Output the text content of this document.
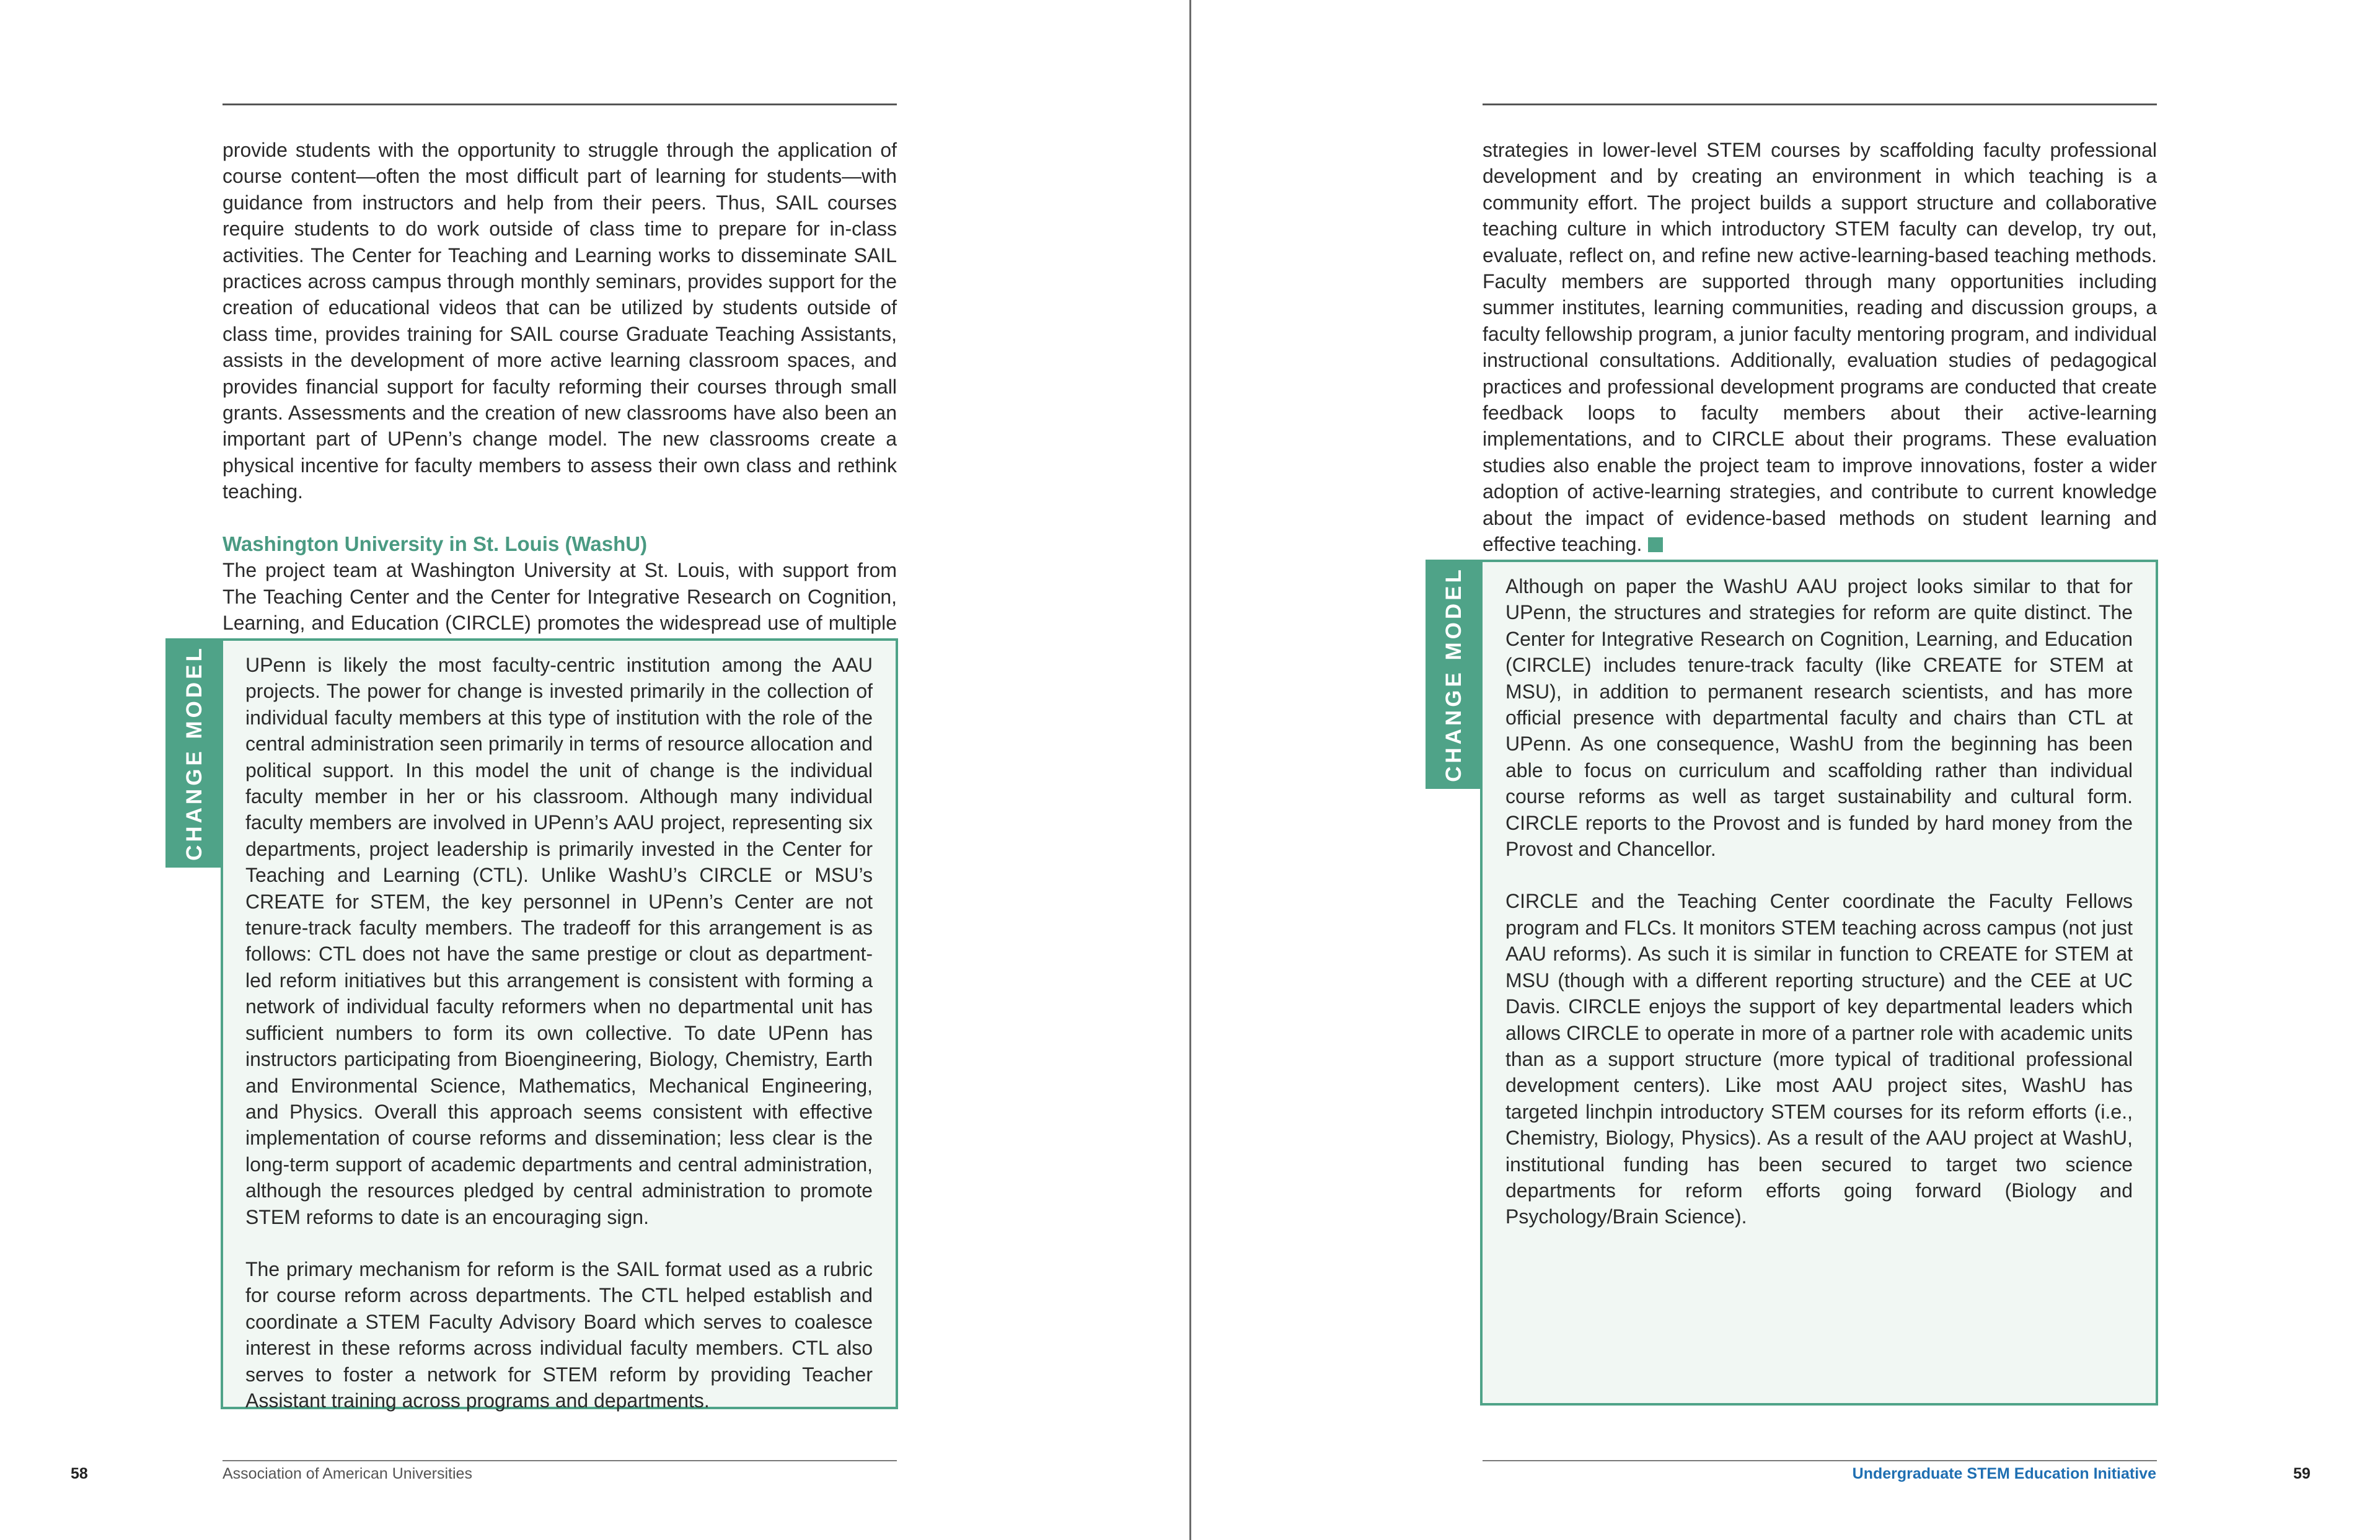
provide students with the opportunity to struggle through the application of course content—often the most difficult part of learning for students—with guidance from instructors and help from their peers. Thus, SAIL courses require students to do work outside of class time to prepare for in-class activities. The Center for Teaching and Learning works to disseminate SAIL practices across campus through monthly seminars, provides support for the creation of educational videos that can be utilized by students outside of class time, provides training for SAIL course Graduate Teaching Assistants, assists in the development of more active learning classroom spaces, and provides financial support for faculty reforming their courses through small grants. Assessments and the creation of new classrooms have also been an important part of UPenn’s change model. The new classrooms create a physical incentive for faculty members to assess their own class and rethink teaching.

Washington University in St. Louis (WashU)

The project team at Washington University at St. Louis, with support from The Teaching Center and the Center for Integrative Research on Cognition, Learning, and Education (CIRCLE) promotes the widespread use of multiple

CHANGE MODEL UPenn is likely the most faculty-centric institution among the AAU projects. The power for change is invested primarily in the collection of individual faculty members at this type of institution with the role of the central administration seen primarily in terms of resource allocation and political support. In this model the unit of change is the individual faculty member in her or his classroom. Although many individual faculty members are involved in UPenn’s AAU project, representing six departments, project leadership is primarily invested in the Center for Teaching and Learning (CTL). Unlike WashU’s CIRCLE or MSU’s CREATE for STEM, the key personnel in UPenn’s Center are not tenure-track faculty members. The tradeoff for this arrangement is as follows: CTL does not have the same prestige or clout as department-led reform initiatives but this arrangement is consistent with forming a network of individual faculty reformers when no departmental unit has sufficient numbers to form its own collective. To date UPenn has instructors participating from Bioengineering, Biology, Chemistry, Earth and Environmental Science, Mathematics, Mechanical Engineering, and Physics. Overall this approach seems consistent with effective implementation of course reforms and dissemination; less clear is the long-term support of academic departments and central administration, although the resources pledged by central administration to promote STEM reforms to date is an encouraging sign.

The primary mechanism for reform is the SAIL format used as a rubric for course reform across departments. The CTL helped establish and coordinate a STEM Faculty Advisory Board which serves to coalesce interest in these reforms across individual faculty members. CTL also serves to foster a network for STEM reform by providing Teacher Assistant training across programs and departments.

58	Association of American Universities

strategies in lower-level STEM courses by scaffolding faculty professional development and by creating an environment in which teaching is a community effort. The project builds a support structure and collaborative teaching culture in which introductory STEM faculty can develop, try out, evaluate, reflect on, and refine new active-learning-based teaching methods. Faculty members are supported through many opportunities including summer institutes, learning communities, reading and discussion groups, a faculty fellowship program, a junior faculty mentoring program, and individual instructional consultations. Additionally, evaluation studies of pedagogical practices and professional development programs are conducted that create feedback loops to faculty members about their active-learning implementations, and to CIRCLE about their programs. These evaluation studies also enable the project team to improve innovations, foster a wider adoption of active-learning strategies, and contribute to current knowledge about the impact of evidence-based methods on student learning and effective teaching.

CHANGE MODEL Although on paper the WashU AAU project looks similar to that for UPenn, the structures and strategies for reform are quite distinct. The Center for Integrative Research on Cognition, Learning, and Education (CIRCLE) includes tenure-track faculty (like CREATE for STEM at MSU), in addition to permanent research scientists, and has more official presence with departmental faculty and chairs than CTL at UPenn. As one consequence, WashU from the beginning has been able to focus on curriculum and scaffolding rather than individual course reforms as well as target sustainability and cultural form. CIRCLE reports to the Provost and is funded by hard money from the Provost and Chancellor.

CIRCLE and the Teaching Center coordinate the Faculty Fellows program and FLCs. It monitors STEM teaching across campus (not just AAU reforms). As such it is similar in function to CREATE for STEM at MSU (though with a different reporting structure) and the CEE at UC Davis. CIRCLE enjoys the support of key departmental leaders which allows CIRCLE to operate in more of a partner role with academic units than as a support structure (more typical of traditional professional development centers). Like most AAU project sites, WashU has targeted linchpin introductory STEM courses for its reform efforts (i.e., Chemistry, Biology, Physics). As a result of the AAU project at WashU, institutional funding has been secured to target two science departments for reform efforts going forward (Biology and Psychology/Brain Science).

Undergraduate STEM Education Initiative	59
